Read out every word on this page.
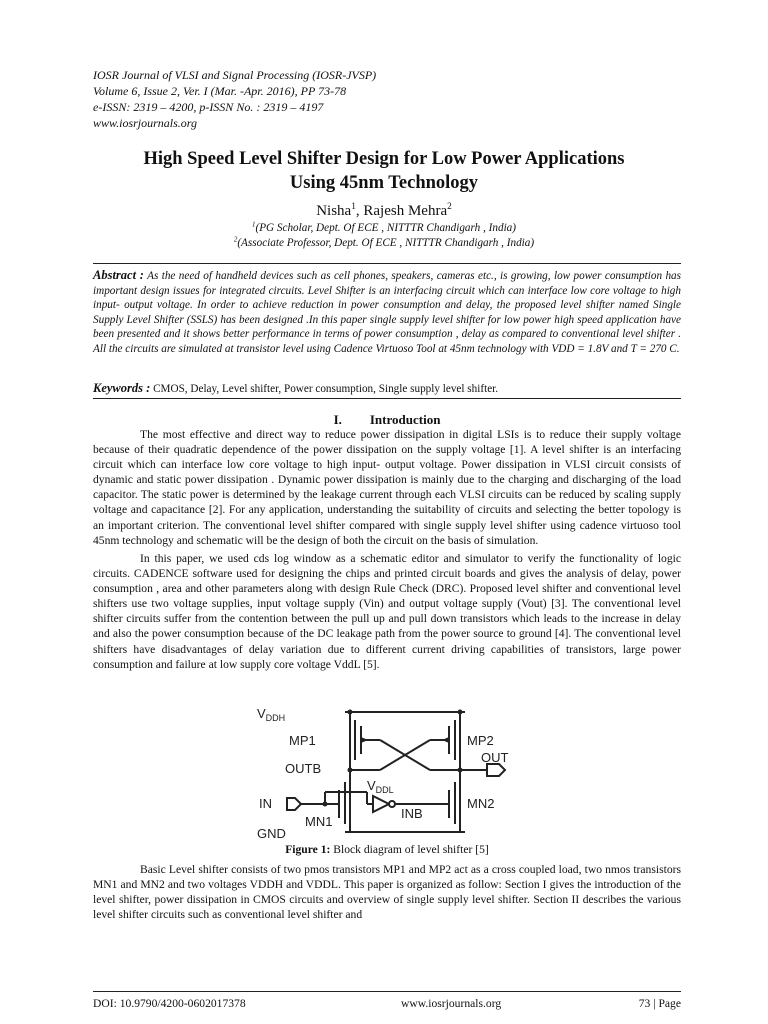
IOSR Journal of VLSI and Signal Processing (IOSR-JVSP)
Volume 6, Issue 2, Ver. I (Mar. -Apr. 2016), PP 73-78
e-ISSN: 2319 – 4200, p-ISSN No. : 2319 – 4197
www.iosrjournals.org
High Speed Level Shifter Design for Low Power Applications
Using 45nm Technology
Nisha$^1$, Rajesh Mehra$^2$
$^1$(PG Scholar, Dept. Of ECE , NITTTR Chandigarh , India)
$^2$(Associate Professor, Dept. Of ECE , NITTTR Chandigarh , India)
Abstract : As the need of handheld devices such as cell phones, speakers, cameras etc., is growing, low power consumption has important design issues for integrated circuits. Level Shifter is an interfacing circuit which can interface low core voltage to high input- output voltage. In order to achieve reduction in power consumption and delay, the proposed level shifter named Single Supply Level Shifter (SSLS) has been designed .In this paper single supply level shifter for low power high speed application have been presented and it shows better performance in terms of power consumption , delay as compared to conventional level shifter . All the circuits are simulated at transistor level using Cadence Virtuoso Tool at 45nm technology with VDD = 1.8V and T = 270 C.
Keywords : CMOS, Delay, Level shifter, Power consumption, Single supply level shifter.
I. Introduction
The most effective and direct way to reduce power dissipation in digital LSIs is to reduce their supply voltage because of their quadratic dependence of the power dissipation on the supply voltage [1]. A level shifter is an interfacing circuit which can interface low core voltage to high input- output voltage. Power dissipation in VLSI circuit consists of dynamic and static power dissipation . Dynamic power dissipation is mainly due to the charging and discharging of the load capacitor. The static power is determined by the leakage current through each VLSI circuits can be reduced by scaling supply voltage and capacitance [2]. For any application, understanding the suitability of circuits and selecting the better topology is an important criterion. The conventional level shifter compared with single supply level shifter using cadence virtuoso tool 45nm technology and schematic will be the design of both the circuit on the basis of simulation.
In this paper, we used cds log window as a schematic editor and simulator to verify the functionality of logic circuits. CADENCE software used for designing the chips and printed circuit boards and gives the analysis of delay, power consumption , area and other parameters along with design Rule Check (DRC). Proposed level shifter and conventional level shifters use two voltage supplies, input voltage supply (Vin) and output voltage supply (Vout) [3]. The conventional level shifter circuits suffer from the contention between the pull up and pull down transistors which leads to the increase in delay and also the power consumption because of the DC leakage path from the power source to ground [4]. The conventional level shifters have disadvantages of delay variation due to different current driving capabilities of transistors, large power consumption and failure at low supply core voltage VddL [5].
$V_{DDH}$
MP1	MP2
OUTB
OUT
$V_{DDL}$
IN
INB
MN2
MN1
GND
Figure 1: Block diagram of level shifter [5]
Basic Level shifter consists of two pmos transistors MP1 and MP2 act as a cross coupled load, two nmos transistors MN1 and MN2 and two voltages VDDH and VDDL. This paper is organized as follow: Section I gives the introduction of the level shifter, power dissipation in CMOS circuits and overview of single supply level shifter. Section II describes the various level shifter circuits such as conventional level shifter and
DOI: 10.9790/4200-0602017378	www.iosrjournals.org	73 | Page
